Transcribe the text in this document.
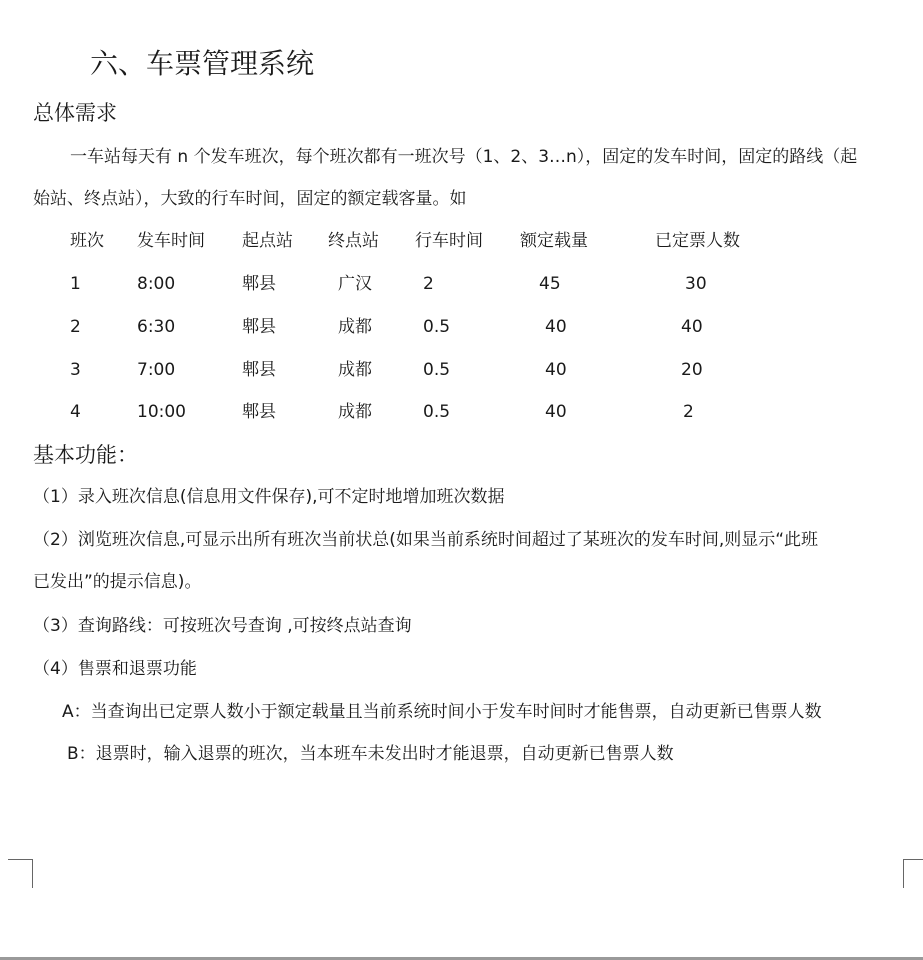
六、车票管理系统
总体需求
一车站每天有 n 个发车班次，每个班次都有一班次号（1、2、3…n），固定的发车时间，固定的路线（起
始站、终点站），大致的行车时间，固定的额定载客量。如
班次 发车时间 起点站 终点站 行车时间 额定载量	已定票人数
1	8:00	郫县	广汉	2	45	30
2	6:30	郫县	成都	0.5	40	40
3	7:00	郫县	成都	0.5	40	20
4	10:00	郫县	成都	0.5	40	2
基本功能：
（1）录入班次信息(信息用文件保存),可不定时地增加班次数据
（2）浏览班次信息,可显示出所有班次当前状总(如果当前系统时间超过了某班次的发车时间,则显示“此班
已发出”的提示信息)。
（3）查询路线：可按班次号查询 ,可按终点站查询
（4）售票和退票功能
A：当查询出已定票人数小于额定载量且当前系统时间小于发车时间时才能售票，自动更新已售票人数
B：退票时，输入退票的班次，当本班车未发出时才能退票，自动更新已售票人数
